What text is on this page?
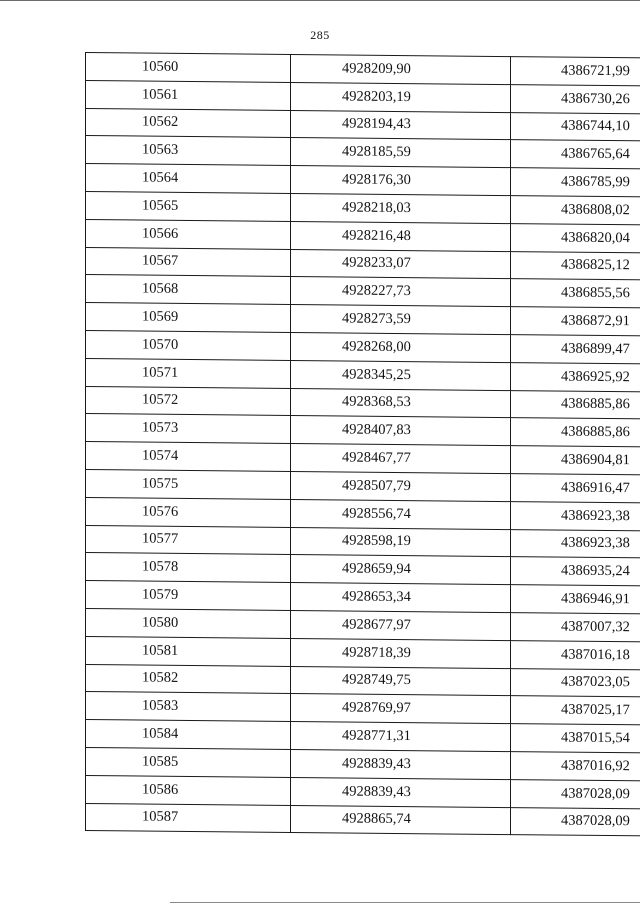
285
10560	4928209,90	4386721,99
10561	4928203,19	4386730,26
10562	4928194,43	4386744,10
10563	4928185,59	4386765,64
10564	4928176,30	4386785,99
10565	4928218,03	4386808,02
10566	4928216,48	4386820,04
10567	4928233,07	4386825,12
10568	4928227,73	4386855,56
10569	4928273,59	4386872,91
10570	4928268,00	4386899,47
10571	4928345,25	4386925,92
10572	4928368,53	4386885,86
10573	4928407,83	4386885,86
10574	4928467,77	4386904,81
10575	4928507,79	4386916,47
10576	4928556,74	4386923,38
10577	4928598,19	4386923,38
10578	4928659,94	4386935,24
10579	4928653,34	4386946,91
10580	4928677,97	4387007,32
10581	4928718,39	4387016,18
10582	4928749,75	4387023,05
10583	4928769,97	4387025,17
10584	4928771,31	4387015,54
10585	4928839,43	4387016,92
10586	4928839,43	4387028,09
10587	4928865,74	4387028,09
